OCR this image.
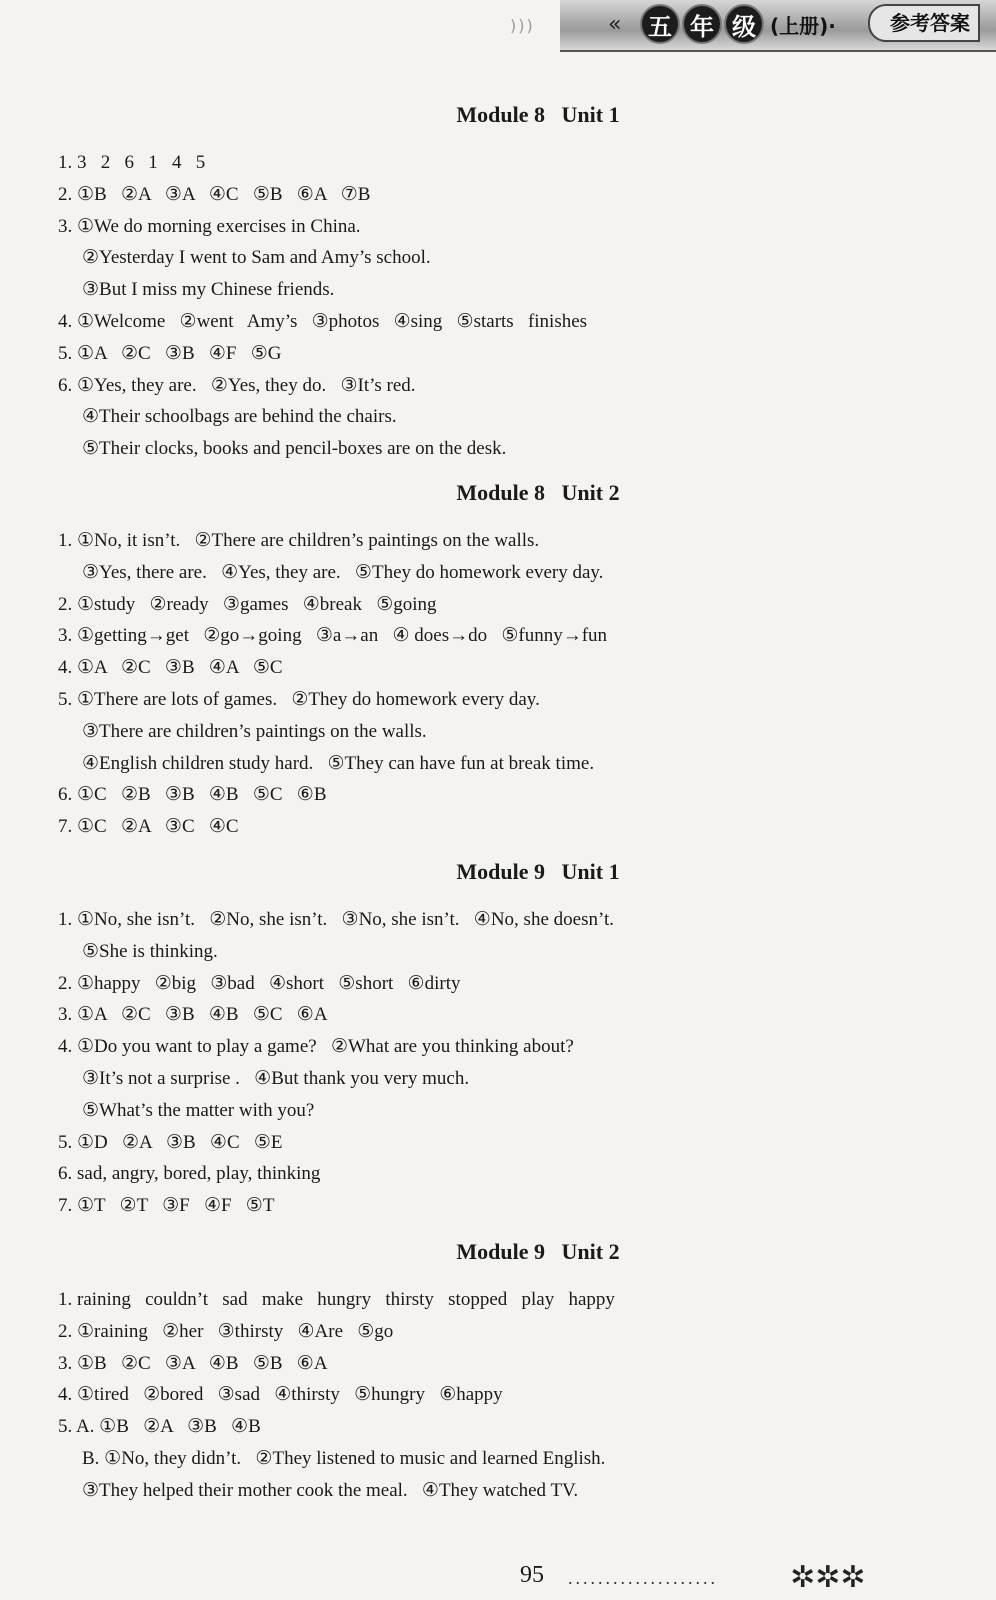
)))	«	五 年 级 (上册)·	参考答案
Module 8   Unit 1
1. 3   2   6   1   4   5
2. ①B   ②A   ③A   ④C   ⑤B   ⑥A   ⑦B
3. ①We do morning exercises in China.
②Yesterday I went to Sam and Amy’s school.
③But I miss my Chinese friends.
4. ①Welcome   ②went   Amy’s   ③photos   ④sing   ⑤starts   finishes
5. ①A   ②C   ③B   ④F   ⑤G
6. ①Yes, they are.   ②Yes, they do.   ③It’s red.
④Their schoolbags are behind the chairs.
⑤Their clocks, books and pencil-boxes are on the desk.
Module 8   Unit 2
1. ①No, it isn’t.   ②There are children’s paintings on the walls.
③Yes, there are.   ④Yes, they are.   ⑤They do homework every day.
2. ①study   ②ready   ③games   ④break   ⑤going
3. ①getting→get   ②go→going   ③a→an   ④ does→do   ⑤funny→fun
4. ①A   ②C   ③B   ④A   ⑤C
5. ①There are lots of games.   ②They do homework every day.
③There are children’s paintings on the walls.
④English children study hard.   ⑤They can have fun at break time.
6. ①C   ②B   ③B   ④B   ⑤C   ⑥B
7. ①C   ②A   ③C   ④C
Module 9   Unit 1
1. ①No, she isn’t.   ②No, she isn’t.   ③No, she isn’t.   ④No, she doesn’t.
⑤She is thinking.
2. ①happy   ②big   ③bad   ④short   ⑤short   ⑥dirty
3. ①A   ②C   ③B   ④B   ⑤C   ⑥A
4. ①Do you want to play a game?   ②What are you thinking about?
③It’s not a surprise .   ④But thank you very much.
⑤What’s the matter with you?
5. ①D   ②A   ③B   ④C   ⑤E
6. sad, angry, bored, play, thinking
7. ①T   ②T   ③F   ④F   ⑤T
Module 9   Unit 2
1. raining   couldn’t   sad   make   hungry   thirsty   stopped   play   happy
2. ①raining   ②her   ③thirsty   ④Are   ⑤go
3. ①B   ②C   ③A   ④B   ⑤B   ⑥A
4. ①tired   ②bored   ③sad   ④thirsty   ⑤hungry   ⑥happy
5. A. ①B   ②A   ③B   ④B
B. ①No, they didn’t.   ②They listened to music and learned English.
③They helped their mother cook the meal.   ④They watched TV.
95 .................... ✲✲✲
